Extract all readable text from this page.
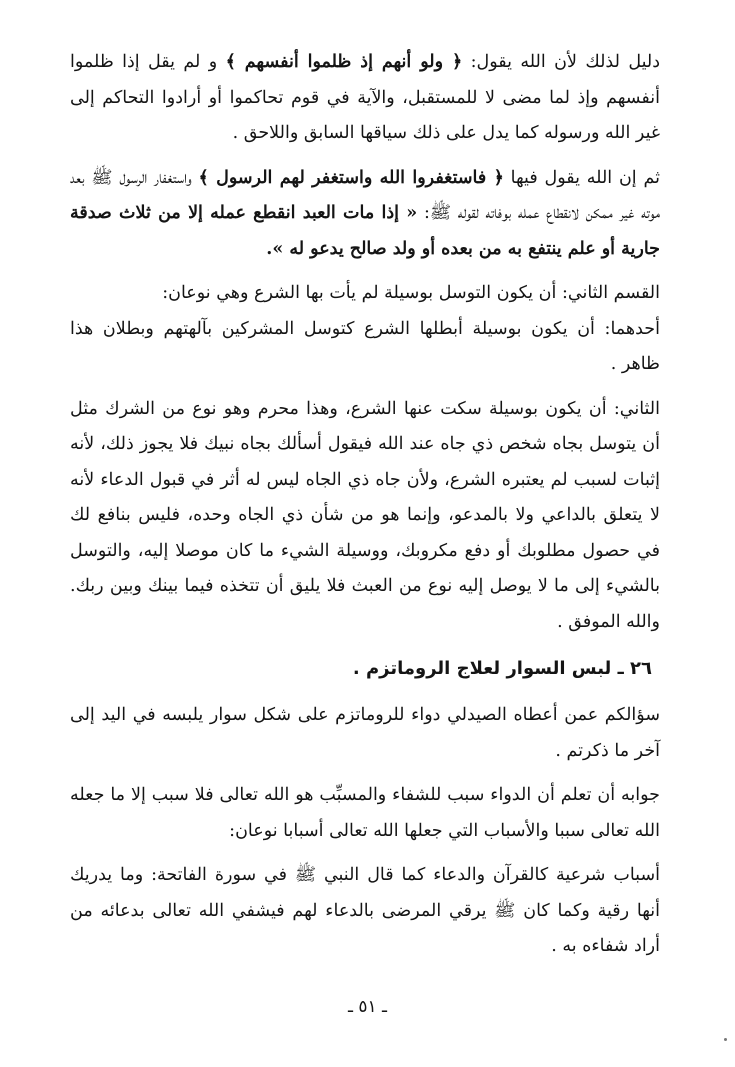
دليل لذلك لأن الله يقول: ﴿ ولو أنهم إذ ظلموا أنفسهم ﴾ و لم يقل إذا ظلموا أنفسهم وإذ لما مضى لا للمستقبل، والآية في قوم تحاكموا أو أرادوا التحاكم إلى غير الله ورسوله كما يدل على ذلك سياقها السابق واللاحق .

ثم إن الله يقول فيها ﴿ فاستغفروا الله واستغفر لهم الرسول ﴾ واستغفار الرسول ﷺ بعد موته غير ممكن لانقطاع عمله بوفاته لقوله ﷺ: « إذا مات العبد انقطع عمله إلا من ثلاث صدقة جارية أو علم ينتفع به من بعده أو ولد صالح يدعو له ».

القسم الثاني: أن يكون التوسل بوسيلة لم يأت بها الشرع وهي نوعان:

أحدهما: أن يكون بوسيلة أبطلها الشرع كتوسل المشركين بآلهتهم وبطلان هذا ظاهر .

الثاني: أن يكون بوسيلة سكت عنها الشرع، وهذا محرم وهو نوع من الشرك مثل أن يتوسل بجاه شخص ذي جاه عند الله فيقول أسألك بجاه نبيك فلا يجوز ذلك، لأنه إثبات لسبب لم يعتبره الشرع، ولأن جاه ذي الجاه ليس له أثر في قبول الدعاء لأنه لا يتعلق بالداعي ولا بالمدعو، وإنما هو من شأن ذي الجاه وحده، فليس بنافع لك في حصول مطلوبك أو دفع مكروبك، ووسيلة الشيء ما كان موصلا إليه، والتوسل بالشيء إلى ما لا يوصل إليه نوع من العبث فلا يليق أن تتخذه فيما بينك وبين ربك. والله الموفق .

٢٦ ـ لبس السوار لعلاج الروماتزم .

سؤالكم عمن أعطاه الصيدلي دواء للروماتزم على شكل سوار يلبسه في اليد إلى آخر ما ذكرتم .

جوابه أن تعلم أن الدواء سبب للشفاء والمسبِّب هو الله تعالى فلا سبب إلا ما جعله الله تعالى سببا والأسباب التي جعلها الله تعالى أسبابا نوعان:

أسباب شرعية كالقرآن والدعاء كما قال النبي ﷺ في سورة الفاتحة: وما يدريك أنها رقية وكما كان ﷺ يرقي المرضى بالدعاء لهم فيشفي الله تعالى بدعائه من أراد شفاءه به .

ـ ٥١ ـ
